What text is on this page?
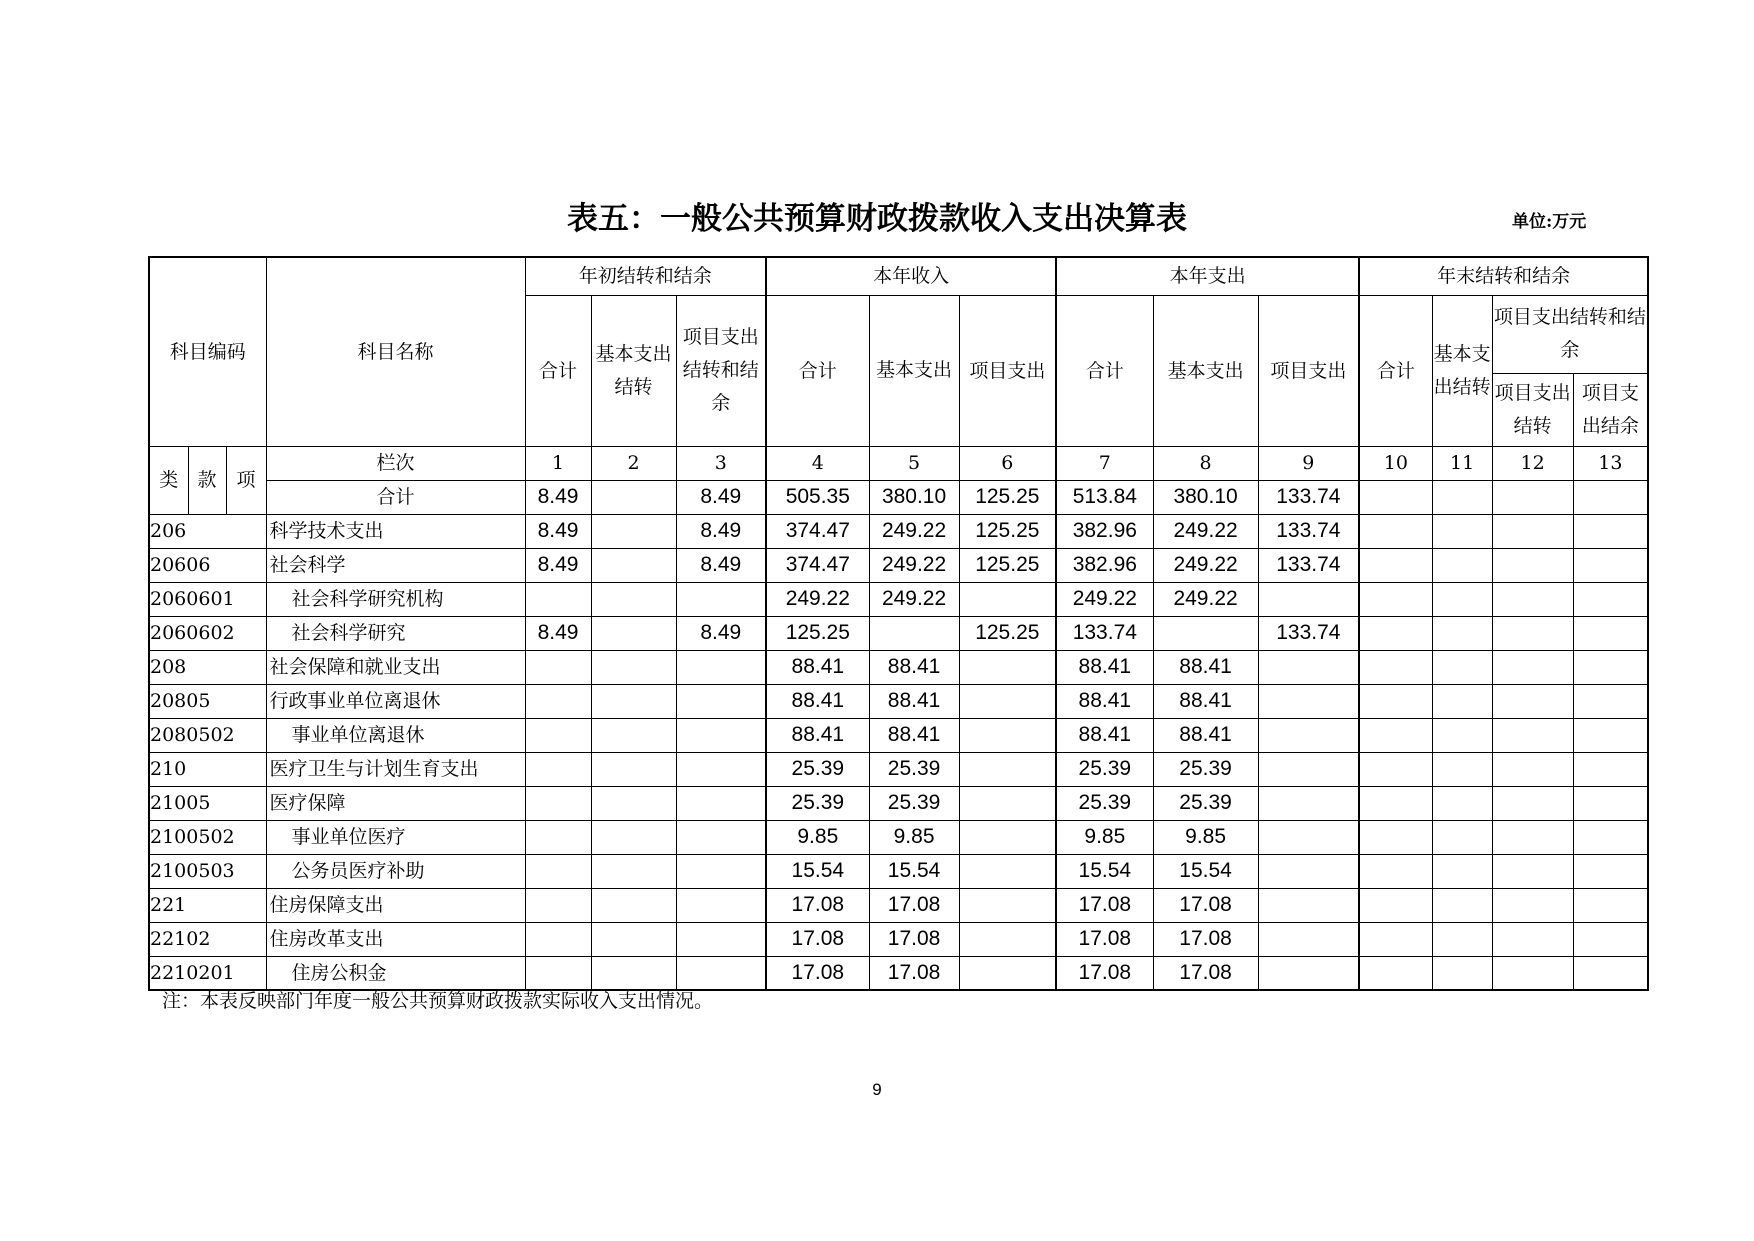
表五：一般公共预算财政拨款收入支出决算表	单位:万元
科目编码			科目名称	年初结转和结余			本年收入			本年支出			年末结转和结余			
				合计	基本支出结转	项目支出结转和结余	合计	基本支出	项目支出	合计	基本支出	项目支出	合计	基本支出结转	项目支出结转和结余	
															项目支出结转	项目支出结余
类	款	项	栏次	1	2	3	4	5	6	7	8	9	10	11	12	13
			合计	8.49		8.49	505.35	380.10	125.25	513.84	380.10	133.74				
206			科学技术支出	8.49		8.49	374.47	249.22	125.25	382.96	249.22	133.74				
20606			社会科学	8.49		8.49	374.47	249.22	125.25	382.96	249.22	133.74				
2060601			社会科学研究机构				249.22	249.22		249.22	249.22					
2060602			社会科学研究	8.49		8.49	125.25		125.25	133.74		133.74				
208			社会保障和就业支出				88.41	88.41		88.41	88.41					
20805			行政事业单位离退休				88.41	88.41		88.41	88.41					
2080502			事业单位离退休				88.41	88.41		88.41	88.41					
210			医疗卫生与计划生育支出				25.39	25.39		25.39	25.39					
21005			医疗保障				25.39	25.39		25.39	25.39					
2100502			事业单位医疗				9.85	9.85		9.85	9.85					
2100503			公务员医疗补助				15.54	15.54		15.54	15.54					
221			住房保障支出				17.08	17.08		17.08	17.08					
22102			住房改革支出				17.08	17.08		17.08	17.08					
2210201			住房公积金				17.08	17.08		17.08	17.08					
注：本表反映部门年度一般公共预算财政拨款实际收入支出情况。
9
